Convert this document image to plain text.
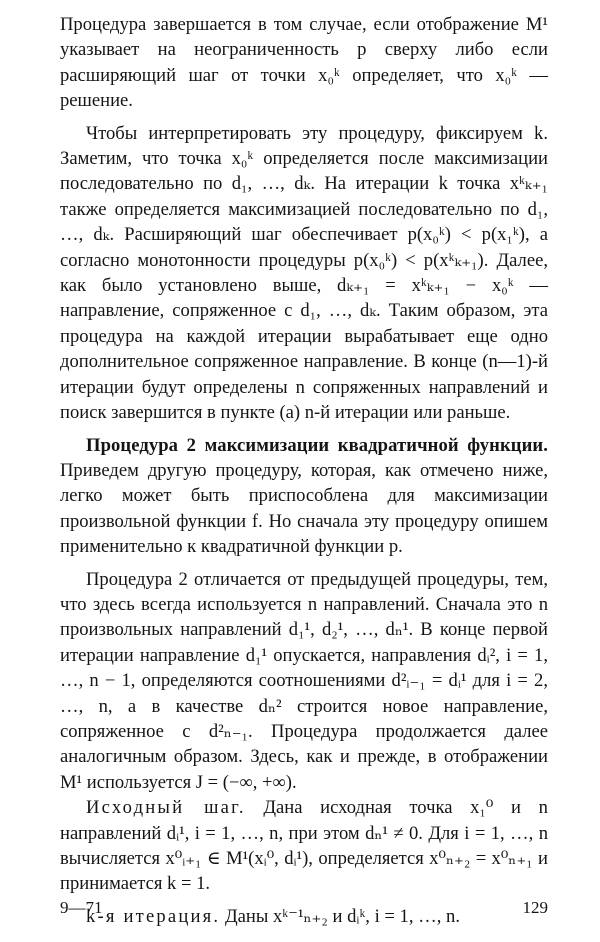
Процедура завершается в том случае, если отображение M¹ указывает на неограниченность p сверху либо если расширяющий шаг от точки x₀ᵏ определяет, что x₀ᵏ — решение.

Чтобы интерпретировать эту процедуру, фиксируем k. Заметим, что точка x₀ᵏ определяется после максимизации последовательно по d₁, …, dₖ. На итерации k точка xᵏₖ₊₁ также определяется максимизацией последовательно по d₁, …, dₖ. Расширяющий шаг обеспечивает p(x₀ᵏ) < p(x₁ᵏ), а согласно монотонности процедуры p(x₀ᵏ) < p(xᵏₖ₊₁). Далее, как было установлено выше, dₖ₊₁ = xᵏₖ₊₁ − x₀ᵏ — направление, сопряженное с d₁, …, dₖ. Таким образом, эта процедура на каждой итерации вырабатывает еще одно дополнительное сопряженное направление. В конце (n—1)-й итерации будут определены n сопряженных направлений и поиск завершится в пункте (а) n-й итерации или раньше.

Процедура 2 максимизации квадратичной функции. Приведем другую процедуру, которая, как отмечено ниже, легко может быть приспособлена для максимизации произвольной функции f. Но сначала эту процедуру опишем применительно к квадратичной функции p.

Процедура 2 отличается от предыдущей процедуры, тем, что здесь всегда используется n направлений. Сначала это n произвольных направлений d₁¹, d₂¹, …, dₙ¹. В конце первой итерации направление d₁¹ опускается, направления dᵢ², i = 1, …, n − 1, определяются соотношениями d²ᵢ₋₁ = dᵢ¹ для i = 2, …, n, а в качестве dₙ² строится новое направление, сопряженное с d²ₙ₋₁. Процедура продолжается далее аналогичным образом. Здесь, как и прежде, в отображении M¹ используется J = (−∞, +∞).

Исходный шаг. Дана исходная точка x₁⁰ и n направлений dᵢ¹, i = 1, …, n, при этом dₙ¹ ≠ 0. Для i = 1, …, n вычисляется x⁰ᵢ₊₁ ∈ M¹(xᵢ⁰, dᵢ¹), определяется x⁰ₙ₊₂ = x⁰ₙ₊₁ и принимается k = 1.

k-я итерация. Даны xᵏ⁻¹ₙ₊₂ и dᵢᵏ, i = 1, …, n.

9—71	129
